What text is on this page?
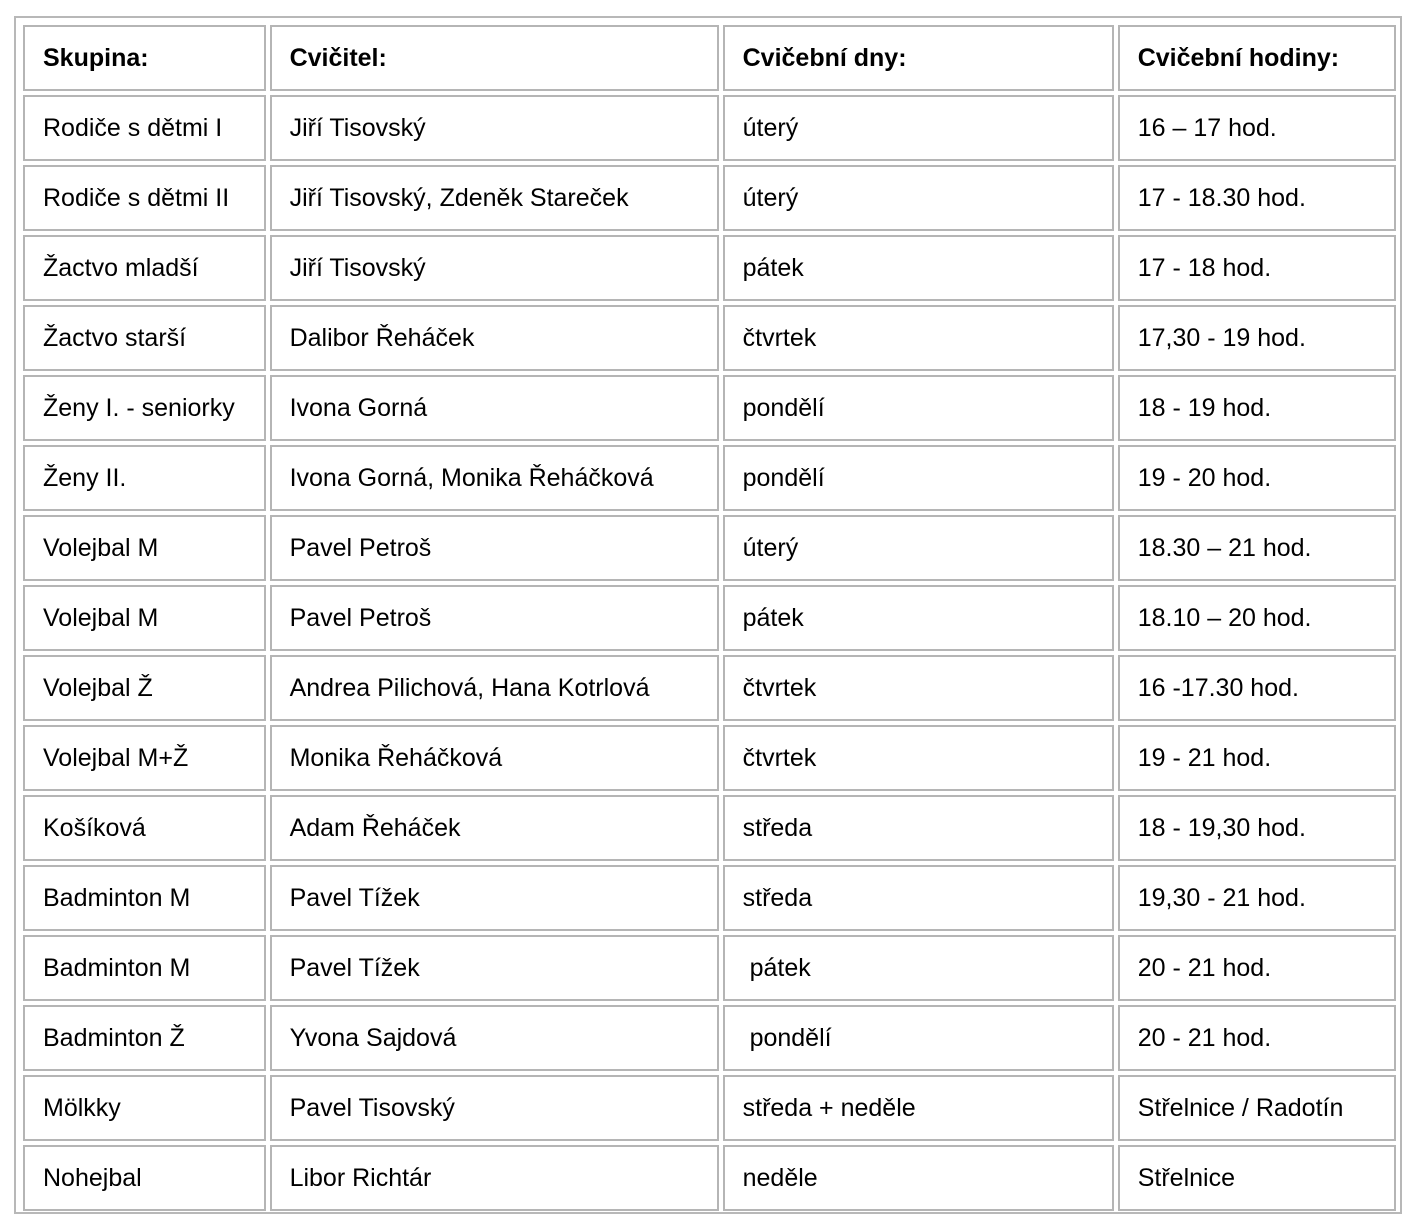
Skupina:	Cvičitel:	Cvičební dny:	Cvičební hodiny:
Rodiče s dětmi I	Jiří Tisovský	úterý	16 – 17 hod.
Rodiče s dětmi II	Jiří Tisovský, Zdeněk Stareček	úterý	17 - 18.30 hod.
Žactvo mladší	Jiří Tisovský	pátek	17 - 18 hod.
Žactvo starší	Dalibor Řeháček	čtvrtek	17,30 - 19 hod.
Ženy I. - seniorky	Ivona Gorná	pondělí	18 - 19 hod.
Ženy II.	Ivona Gorná, Monika Řeháčková	pondělí	19 - 20 hod.
Volejbal M	Pavel Petroš	úterý	18.30 – 21 hod.
Volejbal M	Pavel Petroš	pátek	18.10 – 20 hod.
Volejbal Ž	Andrea Pilichová, Hana Kotrlová	čtvrtek	16 -17.30 hod.
Volejbal M+Ž	Monika Řeháčková	čtvrtek	19 - 21 hod.
Košíková	Adam Řeháček	středa	18 - 19,30 hod.
Badminton M	Pavel Tížek	středa	19,30 - 21 hod.
Badminton M	Pavel Tížek	pátek	20 - 21 hod.
Badminton Ž	Yvona Sajdová	pondělí	20 - 21 hod.
Mölkky	Pavel Tisovský	středa + neděle	Střelnice / Radotín
Nohejbal	Libor Richtár	neděle	Střelnice
